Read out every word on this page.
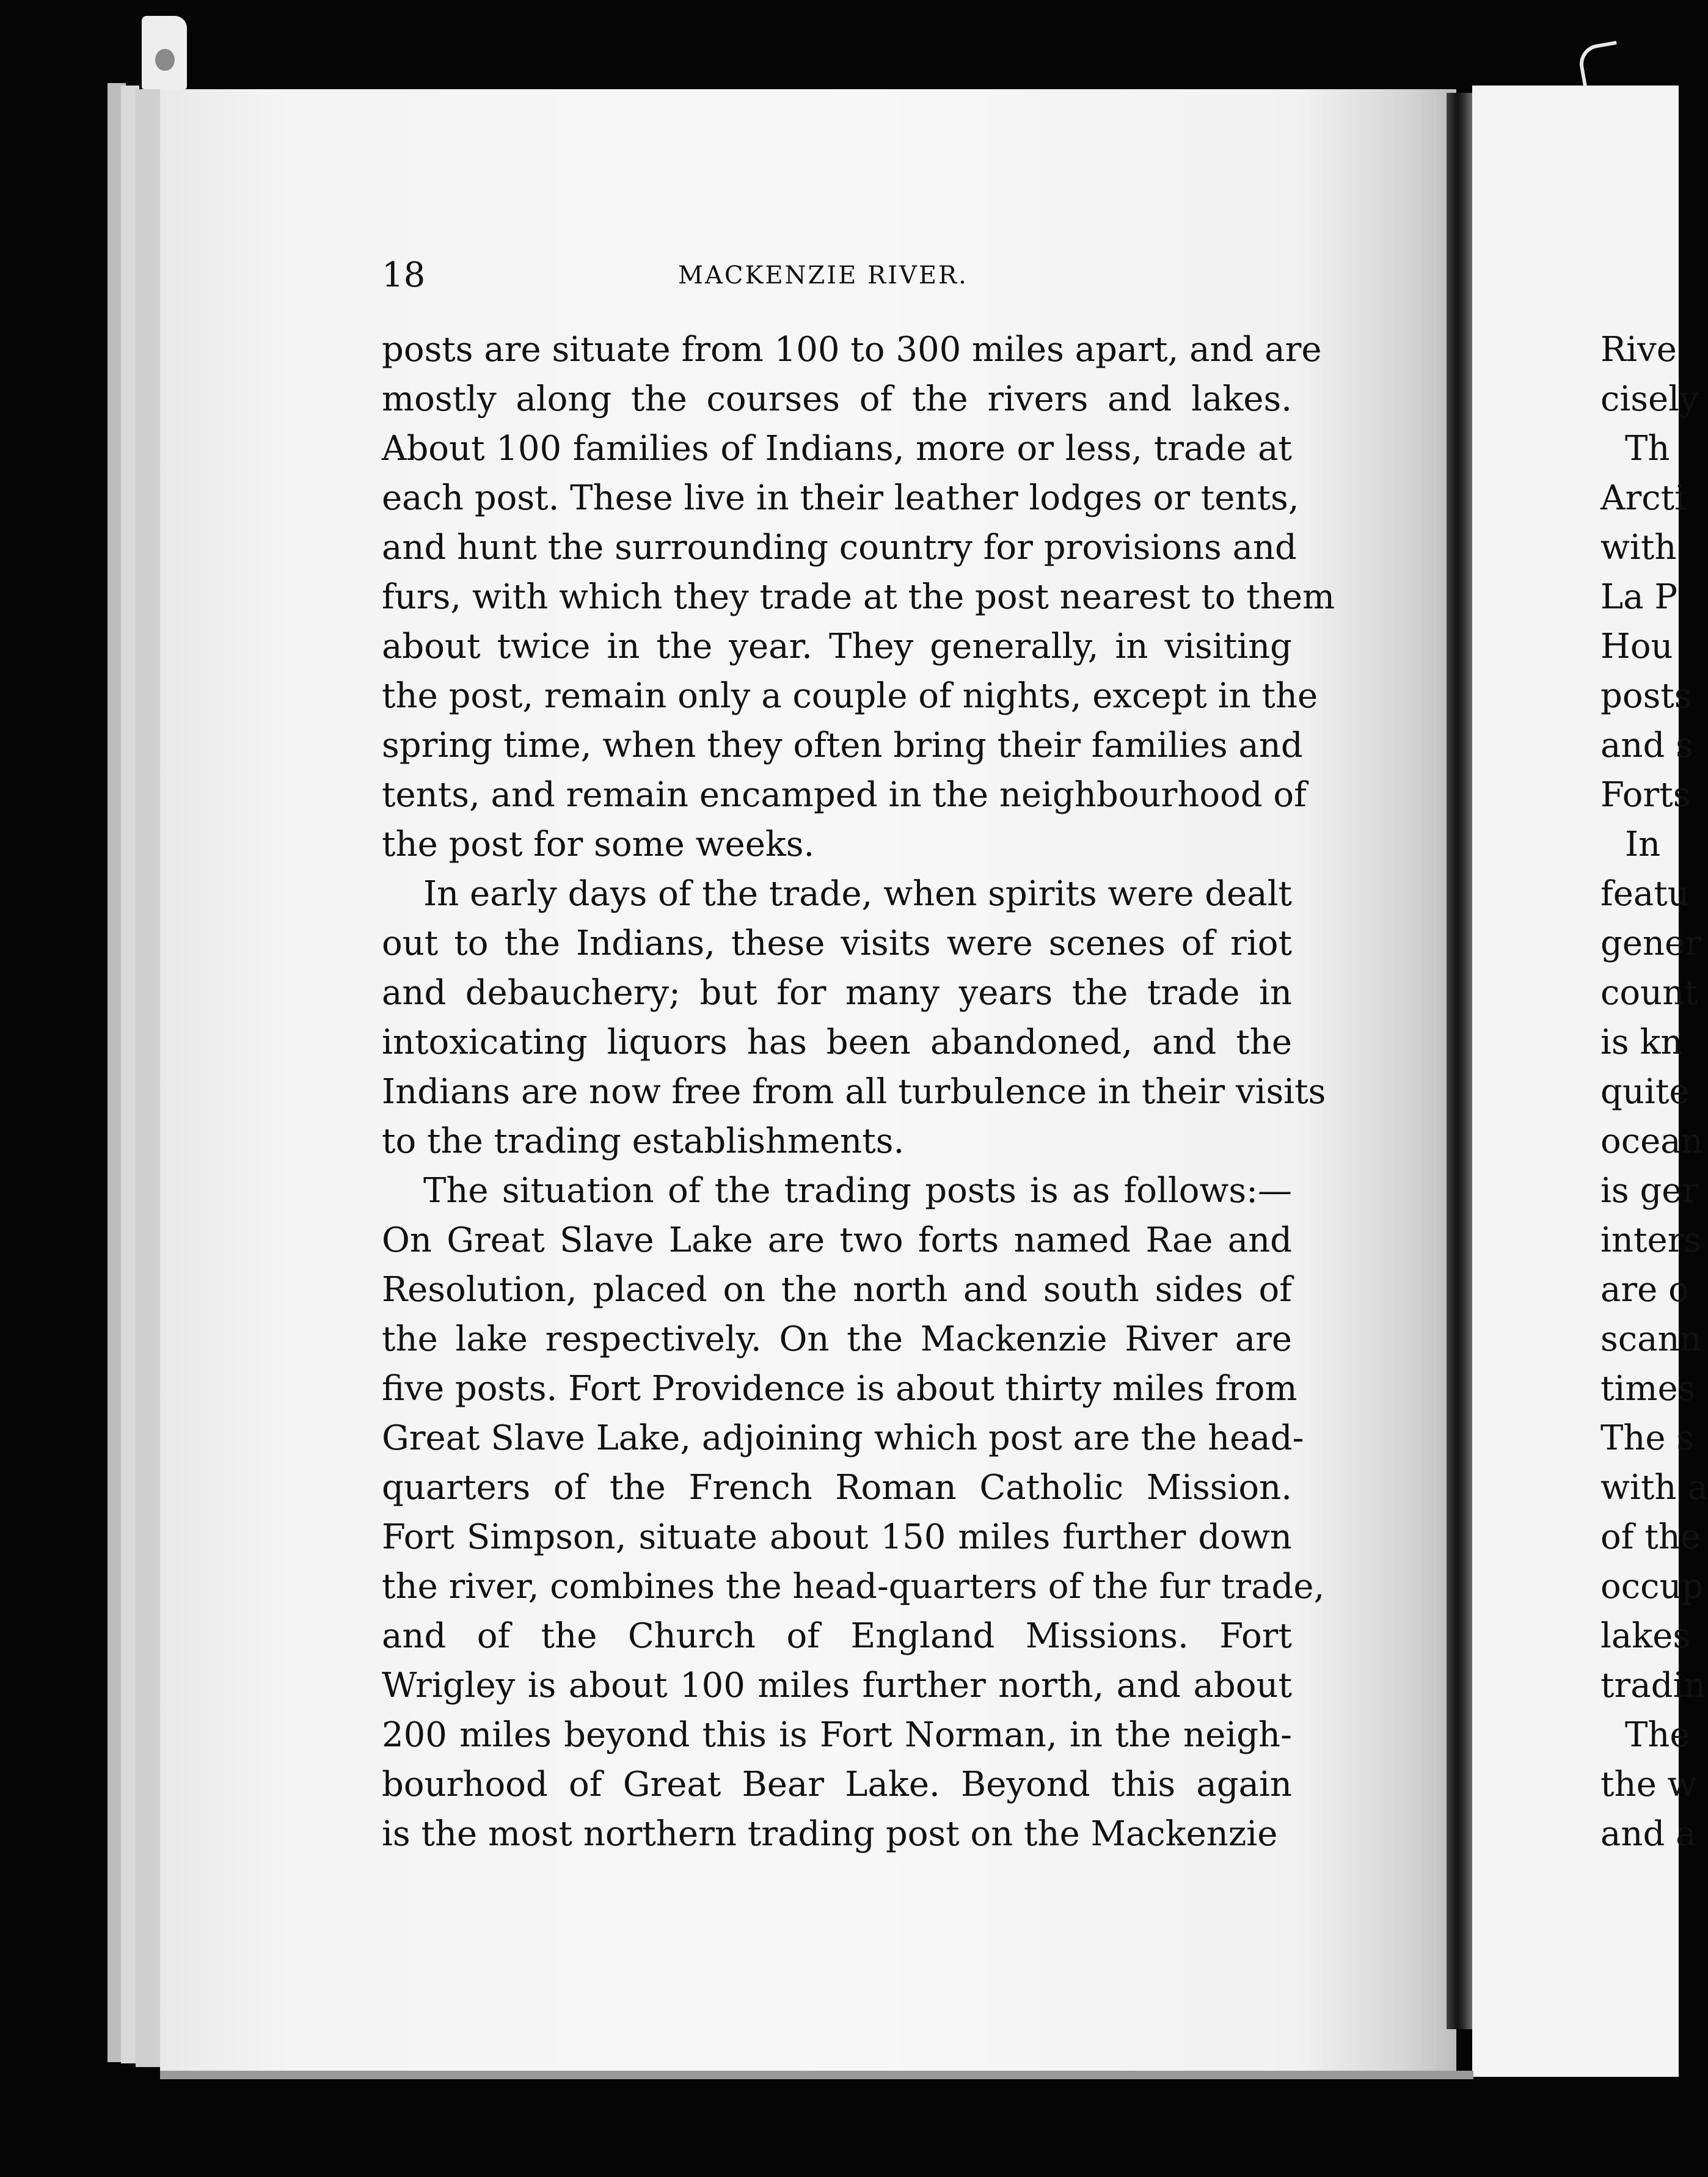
18	MACKENZIE RIVER.
posts are situate from 100 to 300 miles apart, and are
mostly along the courses of the rivers and lakes.
About 100 families of Indians, more or less, trade at
each post. These live in their leather lodges or tents,
and hunt the surrounding country for provisions and
furs, with which they trade at the post nearest to them
about twice in the year. They generally, in visiting
the post, remain only a couple of nights, except in the
spring time, when they often bring their families and
tents, and remain encamped in the neighbourhood of
the post for some weeks.
In early days of the trade, when spirits were dealt
out to the Indians, these visits were scenes of riot
and debauchery; but for many years the trade in
intoxicating liquors has been abandoned, and the
Indians are now free from all turbulence in their visits
to the trading establishments.
The situation of the trading posts is as follows:—
On Great Slave Lake are two forts named Rae and
Resolution, placed on the north and south sides of
the lake respectively. On the Mackenzie River are
five posts. Fort Providence is about thirty miles from
Great Slave Lake, adjoining which post are the head-
quarters of the French Roman Catholic Mission.
Fort Simpson, situate about 150 miles further down
the river, combines the head-quarters of the fur trade,
and of the Church of England Missions. Fort
Wrigley is about 100 miles further north, and about
200 miles beyond this is Fort Norman, in the neigh-
bourhood of Great Bear Lake. Beyond this again
is the most northern trading post on the Mackenzie
Rive
cisely
Th
Arcti
with
La P
Hou
posts
and s
Forts
In
featu
gener
count
is kn
quite
ocean
is ger
inters
are o
scann
times
The s
with a
of the
occup
lakes
tradin
The
the w
and a
